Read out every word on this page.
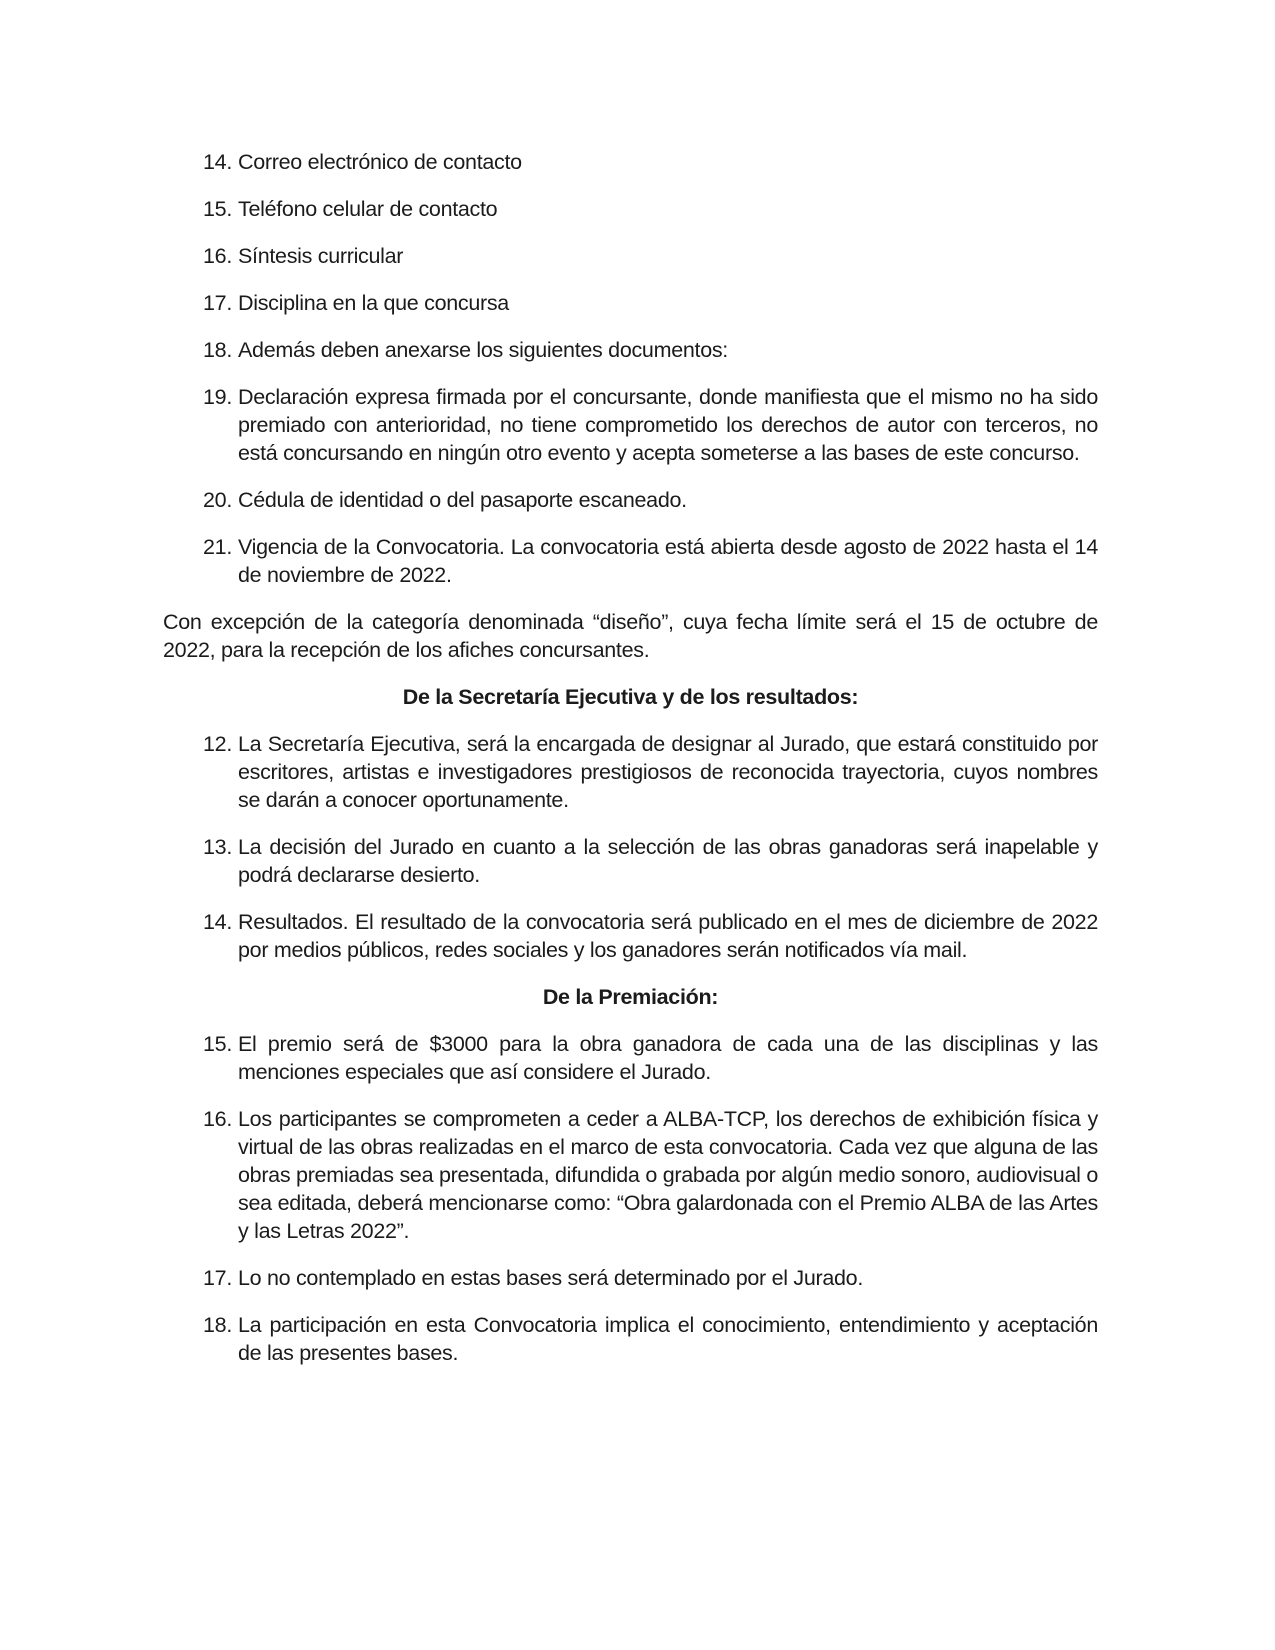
14. Correo electrónico de contacto
15. Teléfono celular de contacto
16. Síntesis curricular
17. Disciplina en la que concursa
18. Además deben anexarse los siguientes documentos:
19. Declaración expresa firmada por el concursante, donde manifiesta que el mismo no ha sido premiado con anterioridad, no tiene comprometido los derechos de autor con terceros, no está concursando en ningún otro evento y acepta someterse a las bases de este concurso.
20. Cédula de identidad o del pasaporte escaneado.
21. Vigencia de la Convocatoria. La convocatoria está abierta desde agosto de 2022 hasta el 14 de noviembre de 2022.

Con excepción de la categoría denominada “diseño”, cuya fecha límite será el 15 de octubre de 2022, para la recepción de los afiches concursantes.

De la Secretaría Ejecutiva y de los resultados:
12. La Secretaría Ejecutiva, será la encargada de designar al Jurado, que estará constituido por escritores, artistas e investigadores prestigiosos de reconocida trayectoria, cuyos nombres se darán a conocer oportunamente.
13. La decisión del Jurado en cuanto a la selección de las obras ganadoras será inapelable y podrá declararse desierto.
14. Resultados. El resultado de la convocatoria será publicado en el mes de diciembre de 2022 por medios públicos, redes sociales y los ganadores serán notificados vía mail.
De la Premiación:
15. El premio será de $3000 para la obra ganadora de cada una de las disciplinas y las menciones especiales que así considere el Jurado.
16. Los participantes se comprometen a ceder a ALBA-TCP, los derechos de exhibición física y virtual de las obras realizadas en el marco de esta convocatoria. Cada vez que alguna de las obras premiadas sea presentada, difundida o grabada por algún medio sonoro, audiovisual o sea editada, deberá mencionarse como: “Obra galardonada con el Premio ALBA de las Artes y las Letras 2022”.
17. Lo no contemplado en estas bases será determinado por el Jurado.
18. La participación en esta Convocatoria implica el conocimiento, entendimiento y aceptación de las presentes bases.
